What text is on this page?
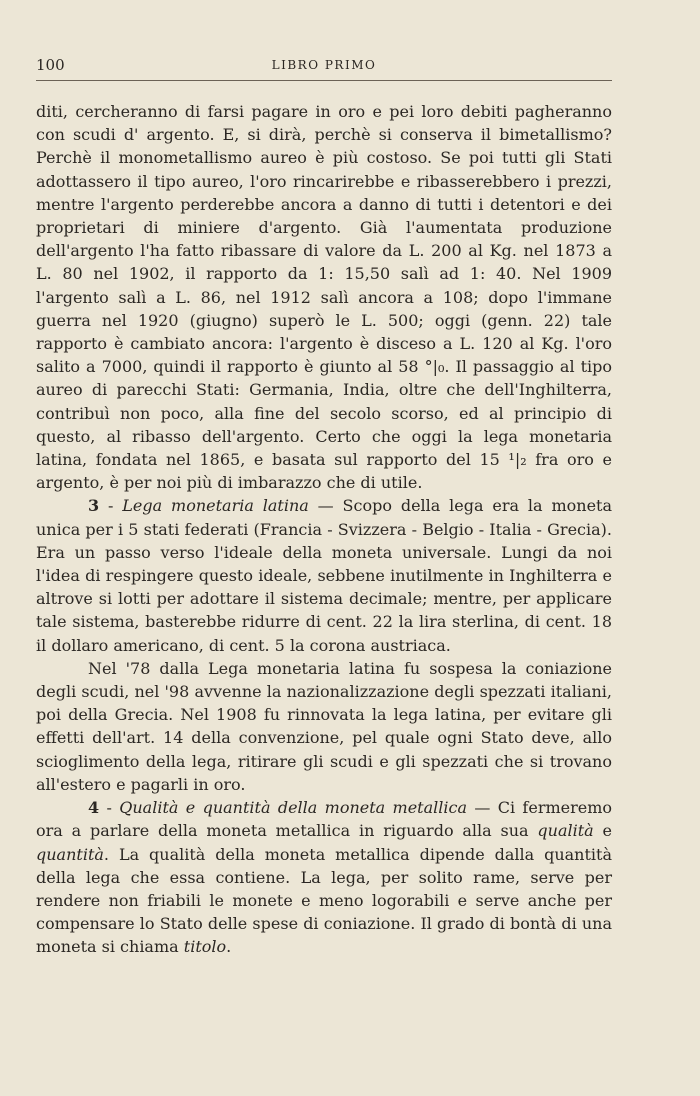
100	LIBRO PRIMO

diti, cercheranno di farsi pagare in oro e pei loro debiti pagheranno con scudi d' argento. E, si dirà, perchè si conserva il bimetallismo? Perchè il monometallismo aureo è più costoso. Se poi tutti gli Stati adottassero il tipo aureo, l'oro rincarirebbe e ribasserebbero i prezzi, mentre l'argento perderebbe ancora a danno di tutti i detentori e dei proprietari di miniere d'argento. Già l'aumentata produzione dell'argento l'ha fatto ribassare di valore da L. 200 al Kg. nel 1873 a L. 80 nel 1902, il rapporto da 1: 15,50 salì ad 1: 40. Nel 1909 l'argento salì a L. 86, nel 1912 salì ancora a 108; dopo l'immane guerra nel 1920 (giugno) superò le L. 500; oggi (genn. 22) tale rapporto è cambiato ancora: l'argento è disceso a L. 120 al Kg. l'oro salito a 7000, quindi il rapporto è giunto al 58 °|₀. Il passaggio al tipo aureo di parecchi Stati: Germania, India, oltre che dell'Inghilterra, contribuì non poco, alla fine del secolo scorso, ed al principio di questo, al ribasso dell'argento. Certo che oggi la lega monetaria latina, fondata nel 1865, e basata sul rapporto del 15 ¹|₂ fra oro e argento, è per noi più di imbarazzo che di utile.

3 - Lega monetaria latina — Scopo della lega era la moneta unica per i 5 stati federati (Francia - Svizzera - Belgio - Italia - Grecia). Era un passo verso l'ideale della moneta universale. Lungi da noi l'idea di respingere questo ideale, sebbene inutilmente in Inghilterra e altrove si lotti per adottare il sistema decimale; mentre, per applicare tale sistema, basterebbe ridurre di cent. 22 la lira sterlina, di cent. 18 il dollaro americano, di cent. 5 la corona austriaca.

Nel '78 dalla Lega monetaria latina fu sospesa la coniazione degli scudi, nel '98 avvenne la nazionalizzazione degli spezzati italiani, poi della Grecia. Nel 1908 fu rinnovata la lega latina, per evitare gli effetti dell'art. 14 della convenzione, pel quale ogni Stato deve, allo scioglimento della lega, ritirare gli scudi e gli spezzati che si trovano all'estero e pagarli in oro.

4 - Qualità e quantità della moneta metallica — Ci fermeremo ora a parlare della moneta metallica in riguardo alla sua qualità e quantità. La qualità della moneta metallica dipende dalla quantità della lega che essa contiene. La lega, per solito rame, serve per rendere non friabili le monete e meno logorabili e serve anche per compensare lo Stato delle spese di coniazione. Il grado di bontà di una moneta si chiama titolo.
